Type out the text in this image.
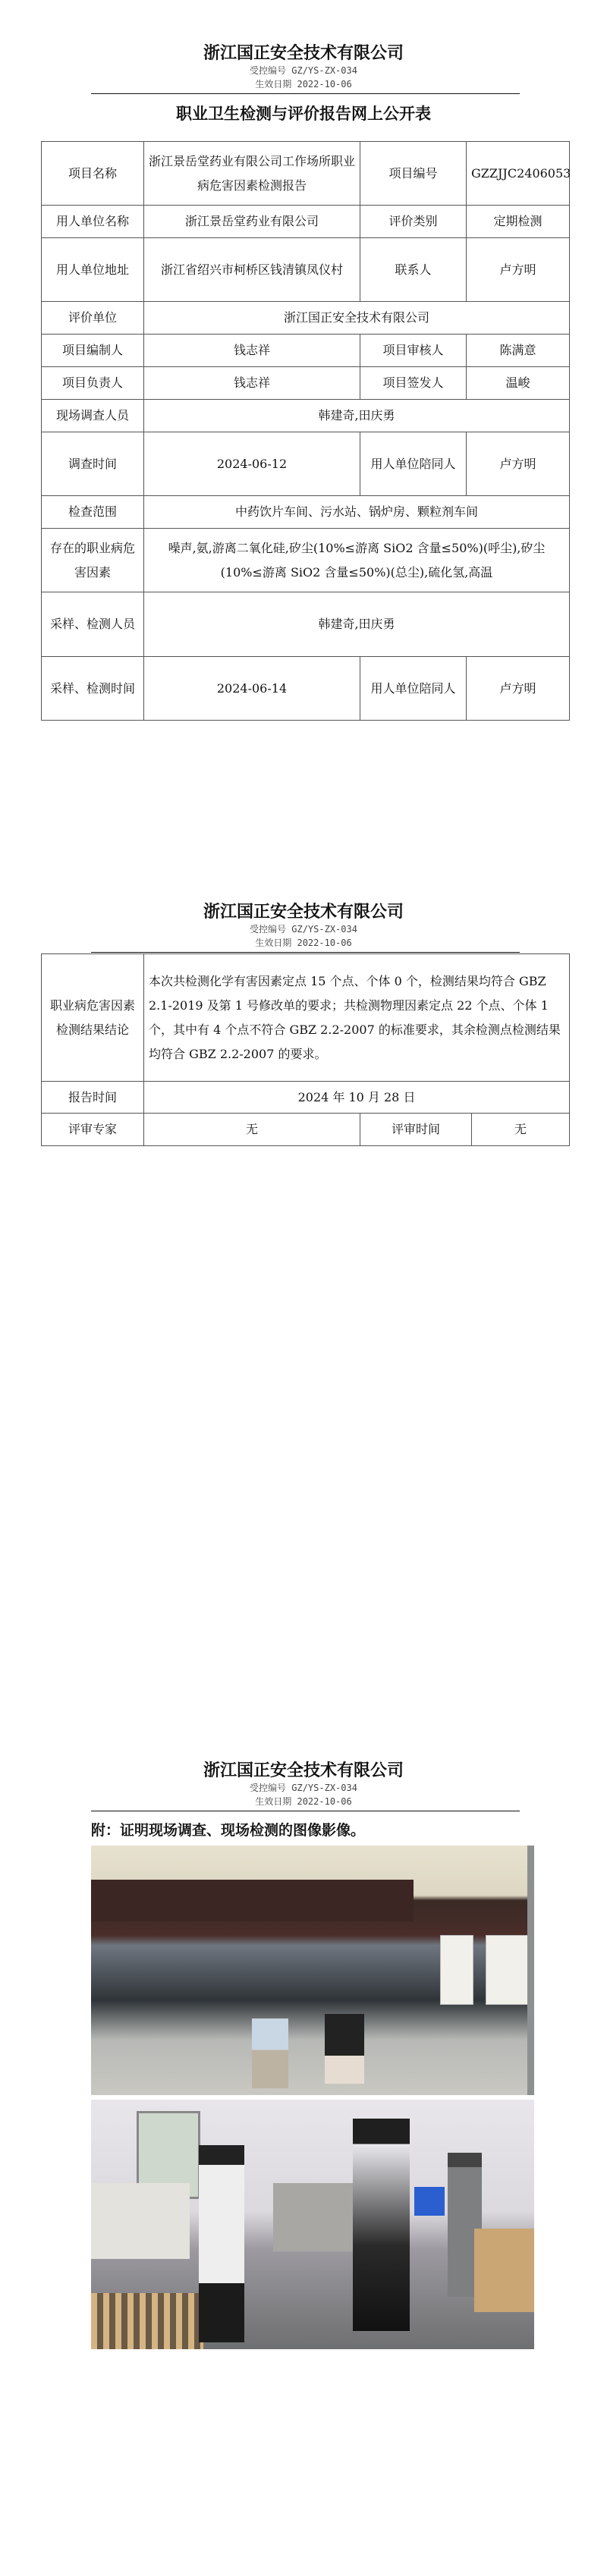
浙江国正安全技术有限公司
受控编号 GZ/YS-ZX-034
生效日期 2022-10-06
职业卫生检测与评价报告网上公开表
项目名称	浙江景岳堂药业有限公司工作场所职业病危害因素检测报告	项目编号	GZZJJC2406053
用人单位名称	浙江景岳堂药业有限公司	评价类别	定期检测
用人单位地址	浙江省绍兴市柯桥区钱清镇凤仪村	联系人	卢方明
评价单位	浙江国正安全技术有限公司		
项目编制人	钱志祥	项目审核人	陈满意
项目负责人	钱志祥	项目签发人	温峻
现场调查人员	韩建奇,田庆勇		
调查时间	2024-06-12	用人单位陪同人	卢方明
检查范围	中药饮片车间、污水站、锅炉房、颗粒剂车间		
存在的职业病危害因素	噪声,氨,游离二氧化硅,矽尘(10%≤游离 SiO2 含量≤50%)(呼尘),矽尘(10%≤游离 SiO2 含量≤50%)(总尘),硫化氢,高温		
采样、检测人员	韩建奇,田庆勇		
采样、检测时间	2024-06-14	用人单位陪同人	卢方明
浙江国正安全技术有限公司
受控编号 GZ/YS-ZX-034
生效日期 2022-10-06
职业病危害因素检测结果结论	本次共检测化学有害因素定点 15 个点、个体 0 个，检测结果均符合 GBZ 2.1-2019 及第 1 号修改单的要求；共检测物理因素定点 22 个点、个体 1 个，其中有 4 个点不符合 GBZ 2.2-2007 的标准要求，其余检测点检测结果均符合 GBZ 2.2-2007 的要求。		
报告时间	2024 年 10 月 28 日		
评审专家	无	评审时间	无
浙江国正安全技术有限公司
受控编号 GZ/YS-ZX-034
生效日期 2022-10-06
附：证明现场调查、现场检测的图像影像。
